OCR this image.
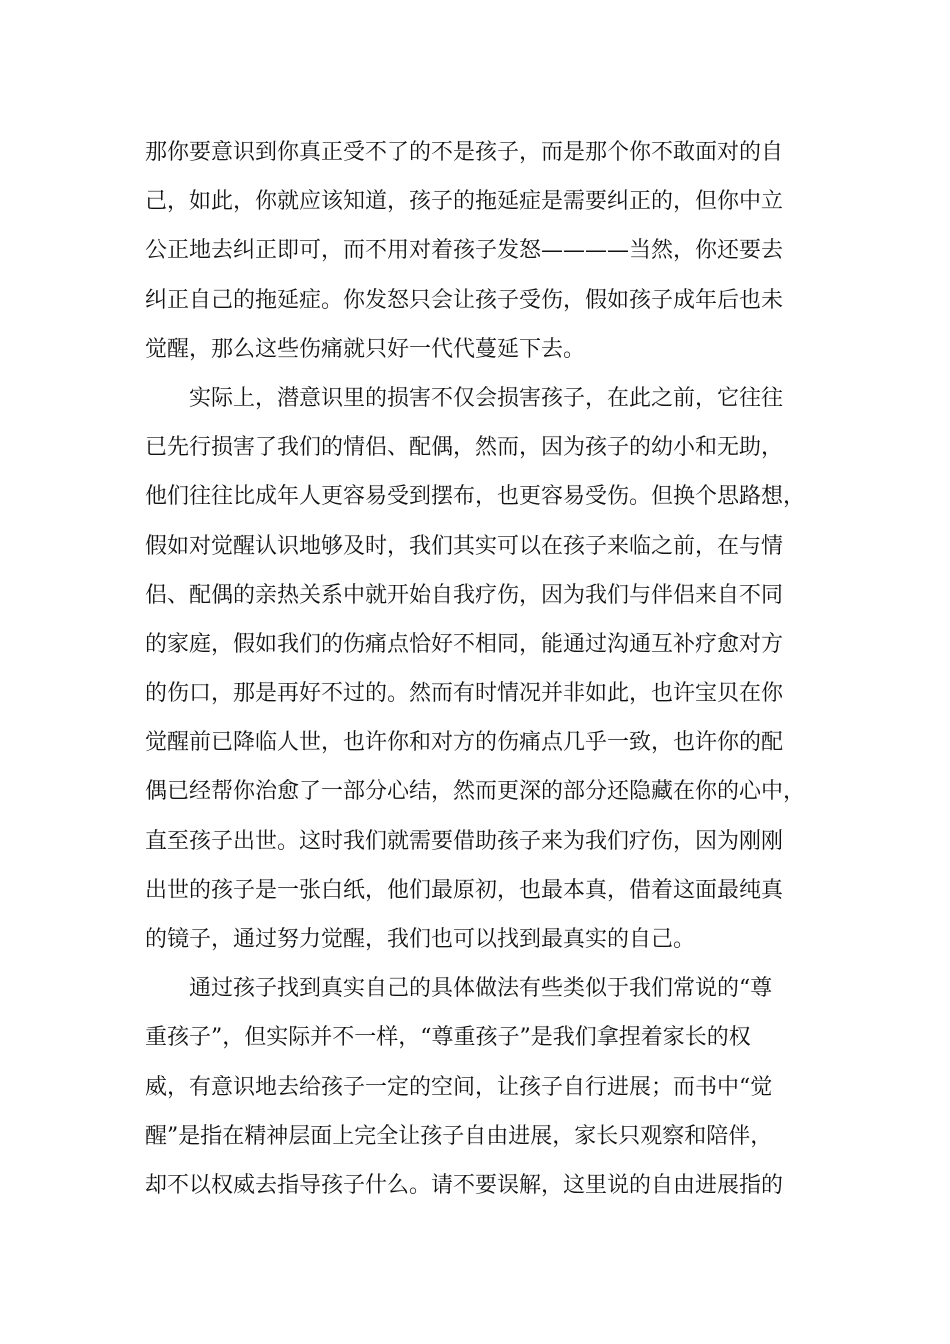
那你要意识到你真正受不了的不是孩子，而是那个你不敢面对的自
己，如此，你就应该知道，孩子的拖延症是需要纠正的，但你中立
公正地去纠正即可，而不用对着孩子发怒————当然，你还要去
纠正自己的拖延症。你发怒只会让孩子受伤，假如孩子成年后也未
觉醒，那么这些伤痛就只好一代代蔓延下去。
实际上，潜意识里的损害不仅会损害孩子，在此之前，它往往
已先行损害了我们的情侣、配偶，然而，因为孩子的幼小和无助，
他们往往比成年人更容易受到摆布，也更容易受伤。但换个思路想，
假如对觉醒认识地够及时，我们其实可以在孩子来临之前，在与情
侣、配偶的亲热关系中就开始自我疗伤，因为我们与伴侣来自不同
的家庭，假如我们的伤痛点恰好不相同，能通过沟通互补疗愈对方
的伤口，那是再好不过的。然而有时情况并非如此，也许宝贝在你
觉醒前已降临人世，也许你和对方的伤痛点几乎一致，也许你的配
偶已经帮你治愈了一部分心结，然而更深的部分还隐藏在你的心中，
直至孩子出世。这时我们就需要借助孩子来为我们疗伤，因为刚刚
出世的孩子是一张白纸，他们最原初，也最本真，借着这面最纯真
的镜子，通过努力觉醒，我们也可以找到最真实的自己。
通过孩子找到真实自己的具体做法有些类似于我们常说的“尊
重孩子”，但实际并不一样，“尊重孩子”是我们拿捏着家长的权
威，有意识地去给孩子一定的空间，让孩子自行进展；而书中“觉
醒”是指在精神层面上完全让孩子自由进展，家长只观察和陪伴，
却不以权威去指导孩子什么。请不要误解，这里说的自由进展指的
